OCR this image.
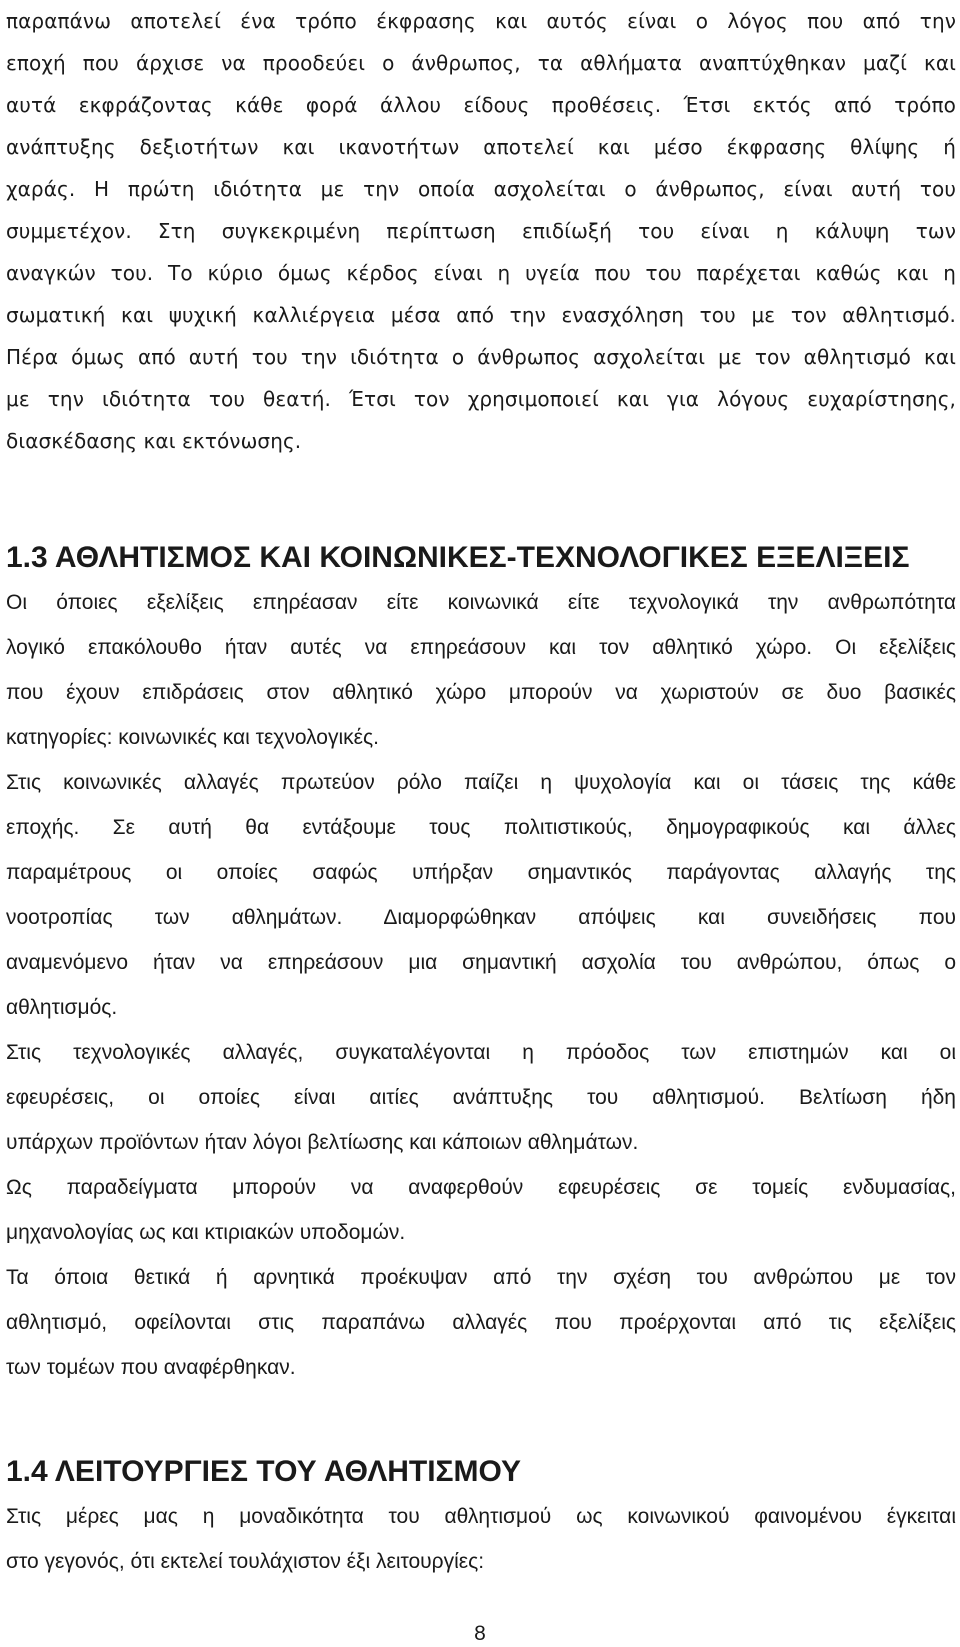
παραπάνω αποτελεί ένα τρόπο έκφρασης και αυτός είναι ο λόγος που από την
εποχή που άρχισε να προοδεύει ο άνθρωπος, τα αθλήματα αναπτύχθηκαν μαζί και
αυτά εκφράζοντας κάθε φορά άλλου είδους προθέσεις. Έτσι εκτός από τρόπο
ανάπτυξης δεξιοτήτων και ικανοτήτων αποτελεί και μέσο έκφρασης θλίψης ή
χαράς. Η πρώτη ιδιότητα με την οποία ασχολείται ο άνθρωπος, είναι αυτή του
συμμετέχον. Στη συγκεκριμένη περίπτωση επιδίωξή του είναι η κάλυψη των
αναγκών του. Το κύριο όμως κέρδος είναι η υγεία που του παρέχεται καθώς και η
σωματική και ψυχική καλλιέργεια μέσα από την ενασχόληση του με τον αθλητισμό.
Πέρα όμως από αυτή του την ιδιότητα ο άνθρωπος ασχολείται με τον αθλητισμό και
με την ιδιότητα του θεατή. Έτσι τον χρησιμοποιεί και για λόγους ευχαρίστησης,
διασκέδασης και εκτόνωσης.

1.3 ΑΘΛΗΤΙΣΜΟΣ ΚΑΙ ΚΟΙΝΩΝΙΚΕΣ-ΤΕΧΝΟΛΟΓΙΚΕΣ ΕΞΕΛΙΞΕΙΣ
Οι όποιες εξελίξεις επηρέασαν είτε κοινωνικά είτε τεχνολογικά την ανθρωπότητα
λογικό επακόλουθο ήταν αυτές να επηρεάσουν και τον αθλητικό χώρο. Οι εξελίξεις
που έχουν επιδράσεις στον αθλητικό χώρο μπορούν να χωριστούν σε δυο βασικές
κατηγορίες: κοινωνικές και τεχνολογικές.
Στις κοινωνικές αλλαγές πρωτεύον ρόλο παίζει η ψυχολογία και οι τάσεις της κάθε
εποχής. Σε αυτή θα εντάξουμε τους πολιτιστικούς, δημογραφικούς και άλλες
παραμέτρους οι οποίες σαφώς υπήρξαν σημαντικός παράγοντας αλλαγής της
νοοτροπίας των αθλημάτων. Διαμορφώθηκαν απόψεις και συνειδήσεις που
αναμενόμενο ήταν να επηρεάσουν μια σημαντική ασχολία του ανθρώπου, όπως ο
αθλητισμός.
Στις τεχνολογικές αλλαγές, συγκαταλέγονται η πρόοδος των επιστημών και οι
εφευρέσεις, οι οποίες είναι αιτίες ανάπτυξης του αθλητισμού. Βελτίωση ήδη
υπάρχων προϊόντων ήταν λόγοι βελτίωσης και κάποιων αθλημάτων.
Ως παραδείγματα μπορούν να αναφερθούν εφευρέσεις σε τομείς ενδυμασίας,
μηχανολογίας ως και κτιριακών υποδομών.
Τα όποια θετικά ή αρνητικά προέκυψαν από την σχέση του ανθρώπου με τον
αθλητισμό, οφείλονται στις παραπάνω αλλαγές που προέρχονται από τις εξελίξεις
των τομέων που αναφέρθηκαν.
1.4 ΛΕΙΤΟΥΡΓΙΕΣ ΤΟΥ ΑΘΛΗΤΙΣΜΟΥ
Στις μέρες μας η μοναδικότητα του αθλητισμού ως κοινωνικού φαινομένου έγκειται
στο γεγονός, ότι εκτελεί τουλάχιστον έξι λειτουργίες:
8
